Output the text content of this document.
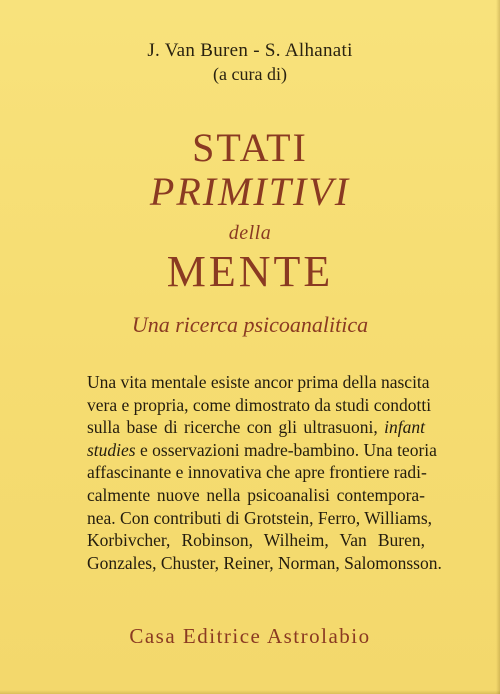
J. Van Buren - S. Alhanati
(a cura di)
STATI
PRIMITIVI
della
MENTE
Una ricerca psicoanalitica
Una vita mentale esiste ancor prima della nascita
vera e propria, come dimostrato da studi condotti
sulla base di ricerche con gli ultrasuoni, infant
studies e osservazioni madre-bambino. Una teoria
affascinante e innovativa che apre frontiere radi-
calmente nuove nella psicoanalisi contempora-
nea. Con contributi di Grotstein, Ferro, Williams,
Korbivcher, Robinson, Wilheim, Van Buren,
Gonzales, Chuster, Reiner, Norman, Salomonsson.
Casa Editrice Astrolabio
